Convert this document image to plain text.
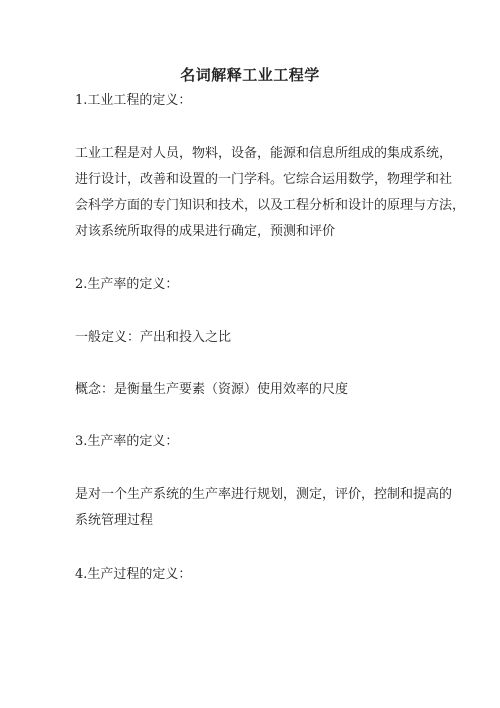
名词解释工业工程学
1.工业工程的定义：
工业工程是对人员，物料，设备，能源和信息所组成的集成系统，
进行设计，改善和设置的一门学科。它综合运用数学，物理学和社
会科学方面的专门知识和技术，以及工程分析和设计的原理与方法，
对该系统所取得的成果进行确定，预测和评价
2.生产率的定义：
一般定义：产出和投入之比
概念：是衡量生产要素（资源）使用效率的尺度
3.生产率的定义：
是对一个生产系统的生产率进行规划，测定，评价，控制和提高的
系统管理过程
4.生产过程的定义：
